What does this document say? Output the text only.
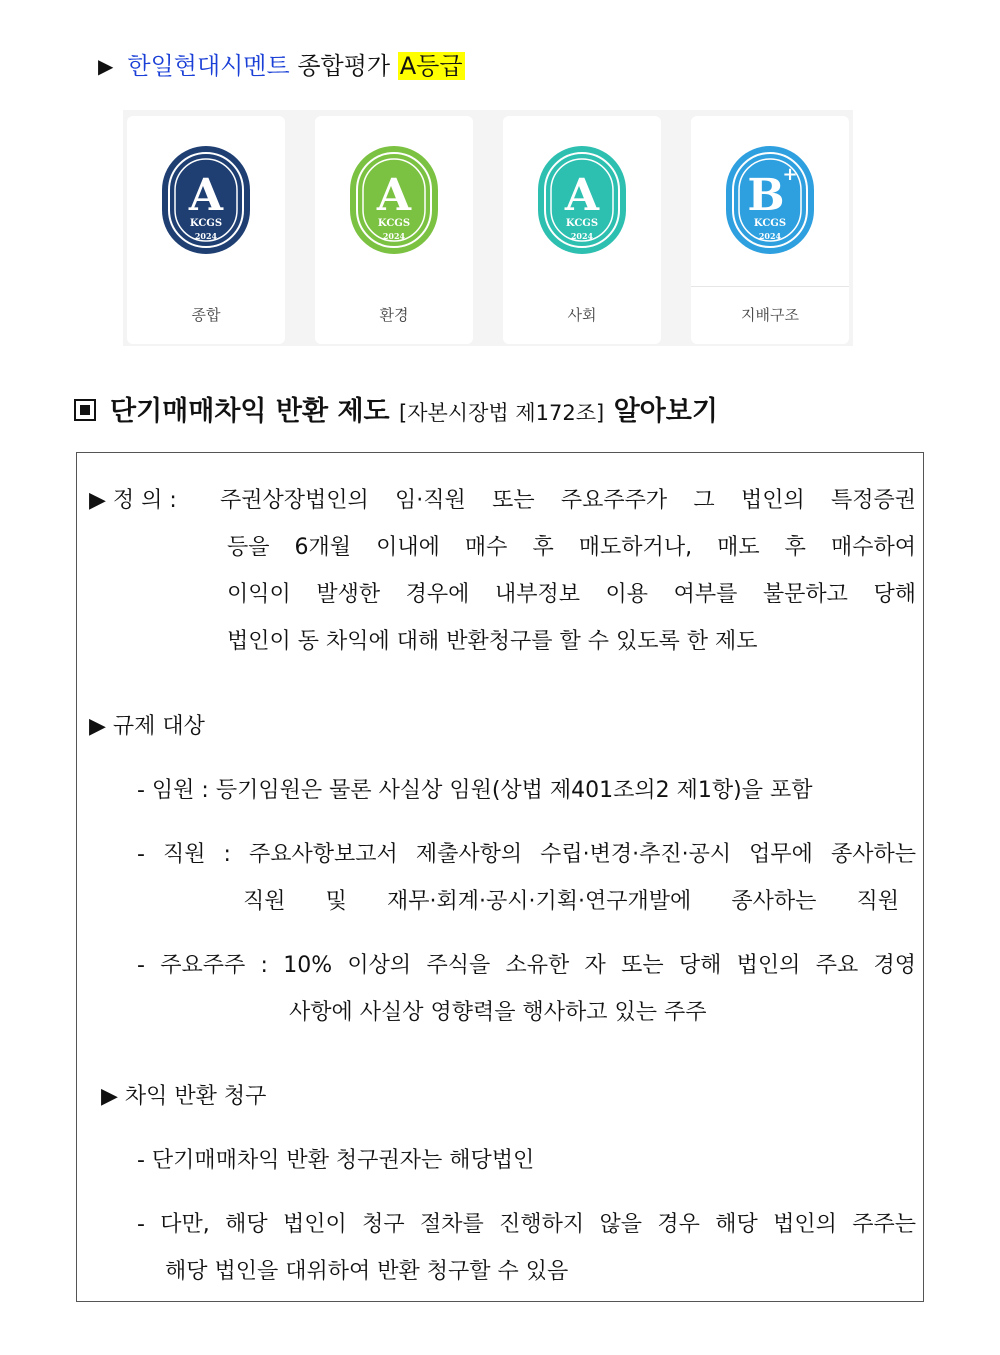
▶ 한일현대시멘트 종합평가 A등급
A
KCGS
2024
종합
A
KCGS
2024
환경
A
KCGS
2024
사회
B
+
KCGS
2024
지배구조
단기매매차익 반환 제도 [자본시장법 제172조] 알아보기
▶ 정 의 : 주권상장법인의 임·직원 또는 주요주주가 그 법인의 특정증권
등을 6개월 이내에 매수 후 매도하거나, 매도 후 매수하여
이익이 발생한 경우에 내부정보 이용 여부를 불문하고 당해
법인이 동 차익에 대해 반환청구를 할 수 있도록 한 제도
▶ 규제 대상
- 임원 : 등기임원은 물론 사실상 임원(상법 제401조의2 제1항)을 포함
- 직원 : 주요사항보고서 제출사항의 수립·변경·추진·공시 업무에 종사하는
직원 및 재무·회계·공시·기획·연구개발에 종사하는 직원
- 주요주주 : 10% 이상의 주식을 소유한 자 또는 당해 법인의 주요 경영
사항에 사실상 영향력을 행사하고 있는 주주
▶ 차익 반환 청구
- 단기매매차익 반환 청구권자는 해당법인
- 다만, 해당 법인이 청구 절차를 진행하지 않을 경우 해당 법인의 주주는
해당 법인을 대위하여 반환 청구할 수 있음
